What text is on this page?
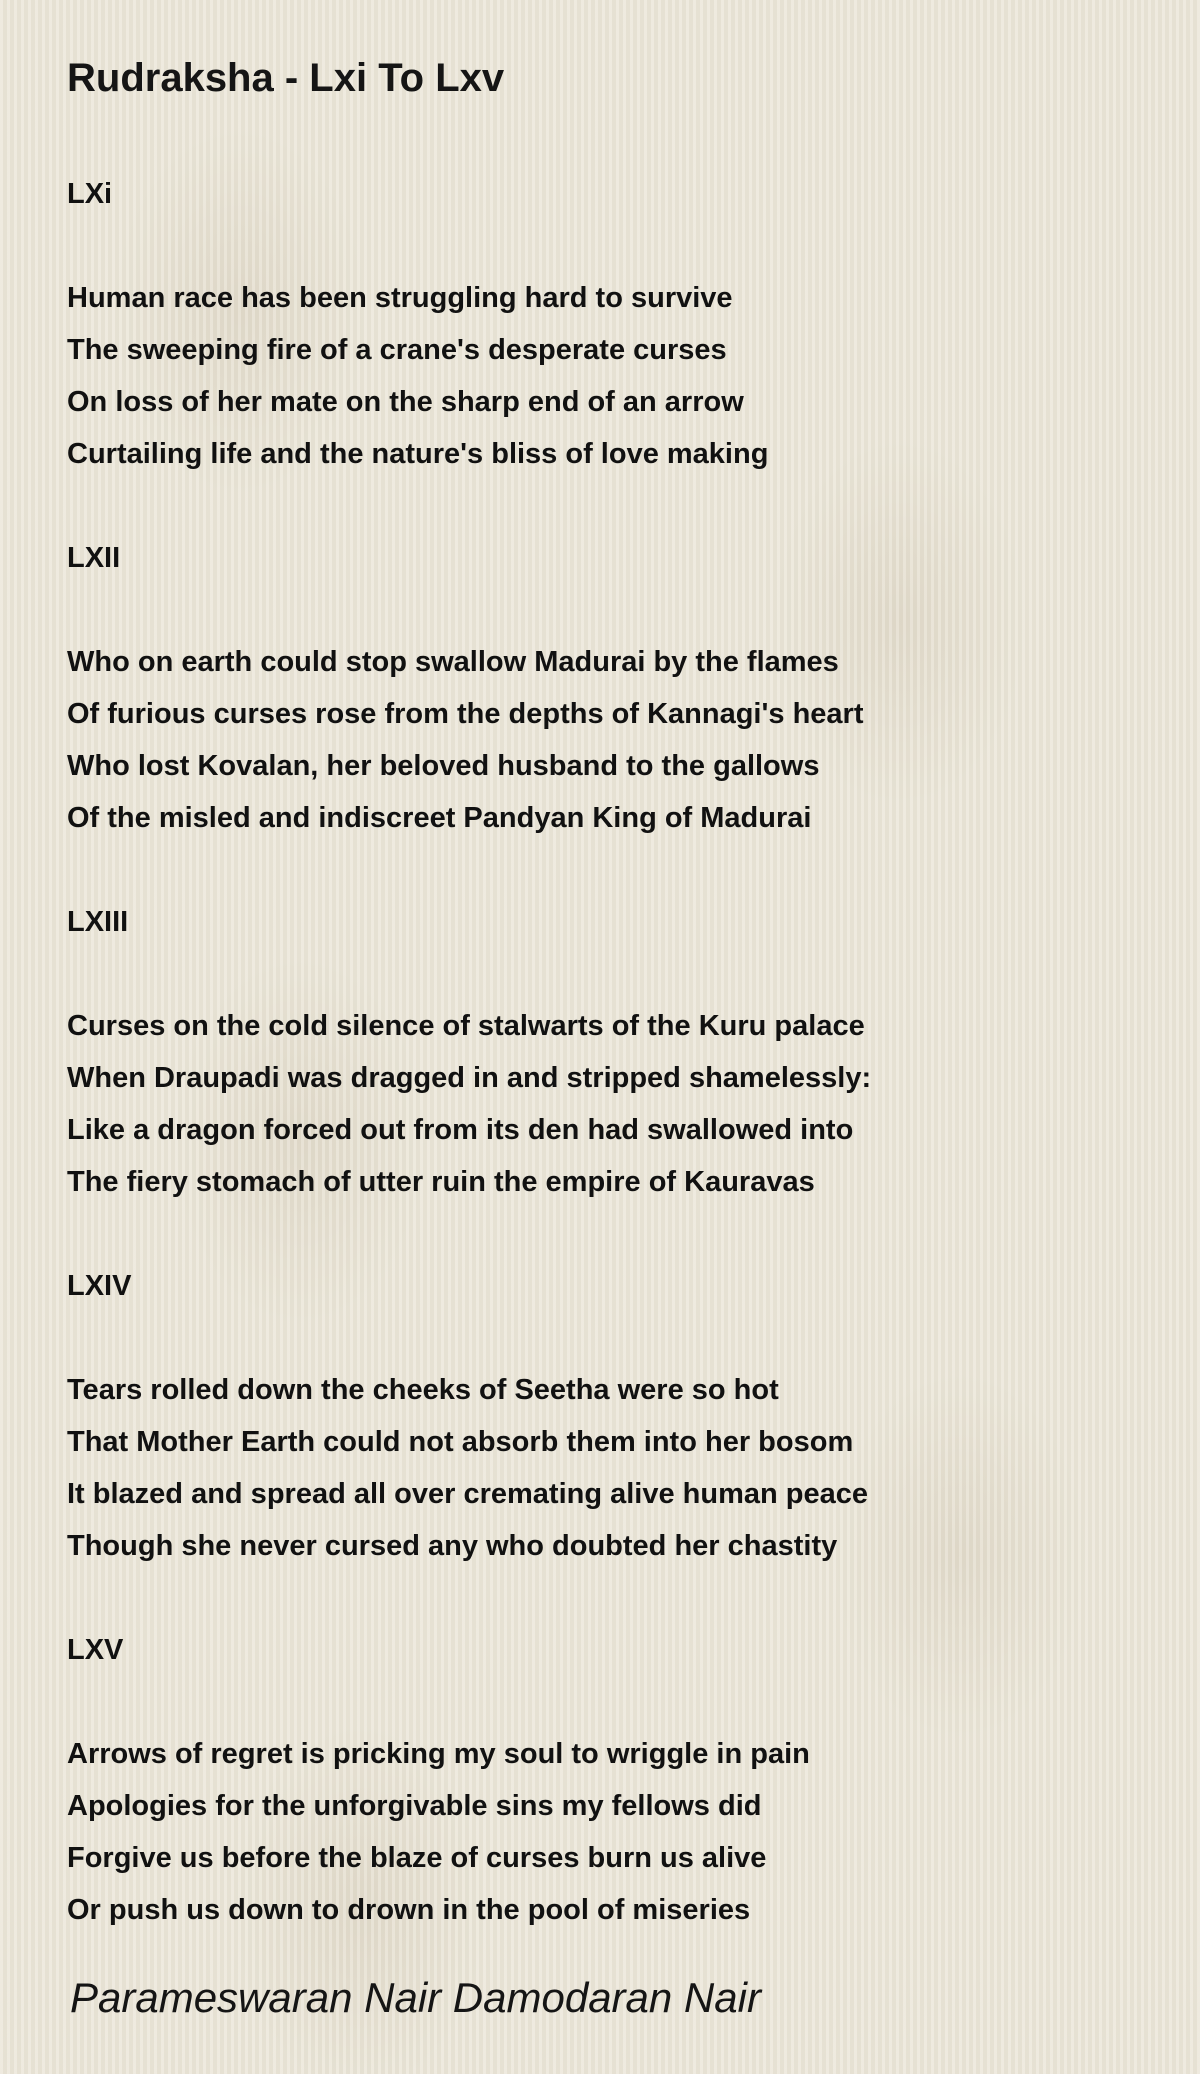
Rudraksha - Lxi To Lxv

LXi

Human race has been struggling hard to survive

The sweeping fire of a crane's desperate curses

On loss of her mate on the sharp end of an arrow

Curtailing life and the nature's bliss of love making

LXII

Who on earth could stop swallow Madurai by the flames

Of furious curses rose from the depths of Kannagi's heart

Who lost Kovalan, her beloved husband to the gallows

Of the misled and indiscreet Pandyan King of Madurai

LXIII

Curses on the cold silence of stalwarts of the Kuru palace

When Draupadi was dragged in and stripped shamelessly:

Like a dragon forced out from its den had swallowed into

The fiery stomach of utter ruin the empire of Kauravas

LXIV

Tears rolled down the cheeks of Seetha were so hot

That Mother Earth could not absorb them into her bosom

It blazed and spread all over cremating alive human peace

Though she never cursed any who doubted her chastity

LXV

Arrows of regret is pricking my soul to wriggle in pain

Apologies for the unforgivable sins my fellows did

Forgive us before the blaze of curses burn us alive

Or push us down to drown in the pool of miseries

Parameswaran Nair Damodaran Nair
